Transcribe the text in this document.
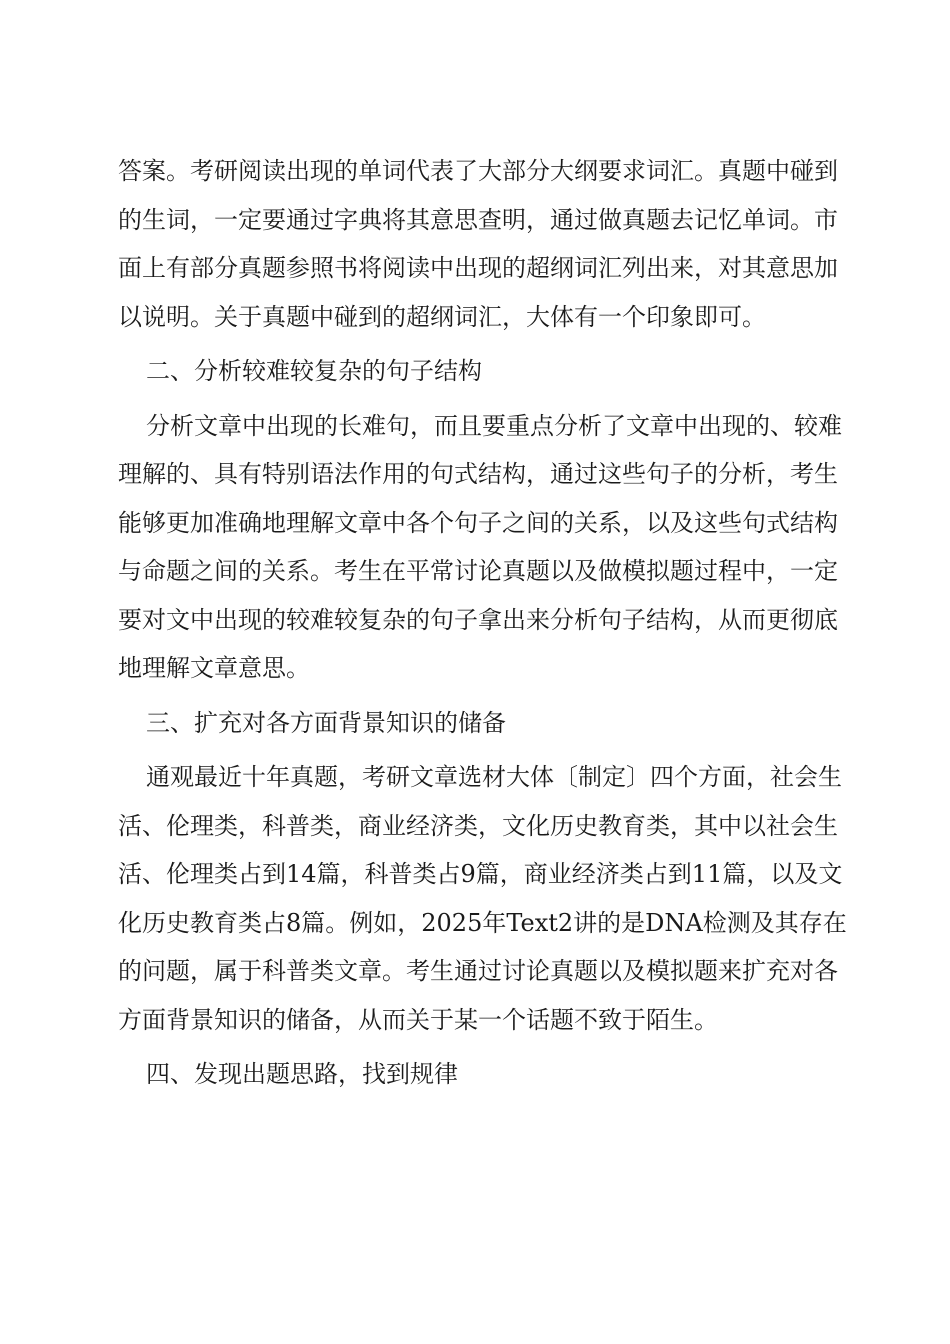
答案。考研阅读出现的单词代表了大部分大纲要求词汇。真题中碰到的生词，一定要通过字典将其意思查明，通过做真题去记忆单词。市面上有部分真题参照书将阅读中出现的超纲词汇列出来，对其意思加以说明。关于真题中碰到的超纲词汇，大体有一个印象即可。

二、分析较难较复杂的句子结构

分析文章中出现的长难句，而且要重点分析了文章中出现的、较难理解的、具有特别语法作用的句式结构，通过这些句子的分析，考生能够更加准确地理解文章中各个句子之间的关系，以及这些句式结构与命题之间的关系。考生在平常讨论真题以及做模拟题过程中，一定要对文中出现的较难较复杂的句子拿出来分析句子结构，从而更彻底地理解文章意思。

三、扩充对各方面背景知识的储备

通观最近十年真题，考研文章选材大体〔制定〕四个方面，社会生活、伦理类，科普类，商业经济类，文化历史教育类，其中以社会生活、伦理类占到14篇，科普类占9篇，商业经济类占到11篇，以及文化历史教育类占8篇。例如，2025年Text2讲的是DNA检测及其存在的问题，属于科普类文章。考生通过讨论真题以及模拟题来扩充对各方面背景知识的储备，从而关于某一个话题不致于陌生。

四、发现出题思路，找到规律
